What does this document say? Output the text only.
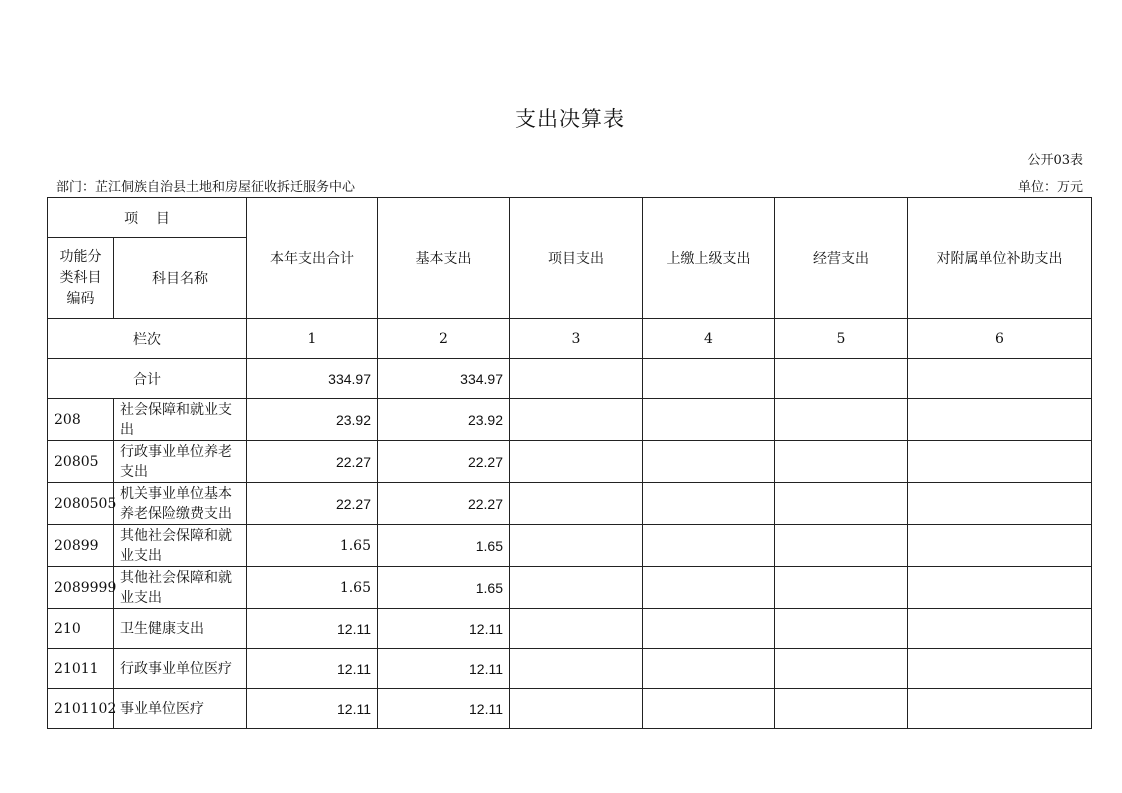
支出决算表
公开03表
部门：芷江侗族自治县土地和房屋征收拆迁服务中心	单位：万元
项    目		本年支出合计	基本支出	项目支出	上缴上级支出	经营支出	对附属单位补助支出
功能分类科目编码	科目名称						
栏次		1	2	3	4	5	6
合计		334.97	334.97				
208	社会保障和就业支出	23.92	23.92				
20805	行政事业单位养老支出	22.27	22.27				
2080505	机关事业单位基本养老保险缴费支出	22.27	22.27				
20899	其他社会保障和就业支出	1.65	1.65				
2089999	其他社会保障和就业支出	1.65	1.65				
210	卫生健康支出	12.11	12.11				
21011	行政事业单位医疗	12.11	12.11				
2101102	事业单位医疗	12.11	12.11				
